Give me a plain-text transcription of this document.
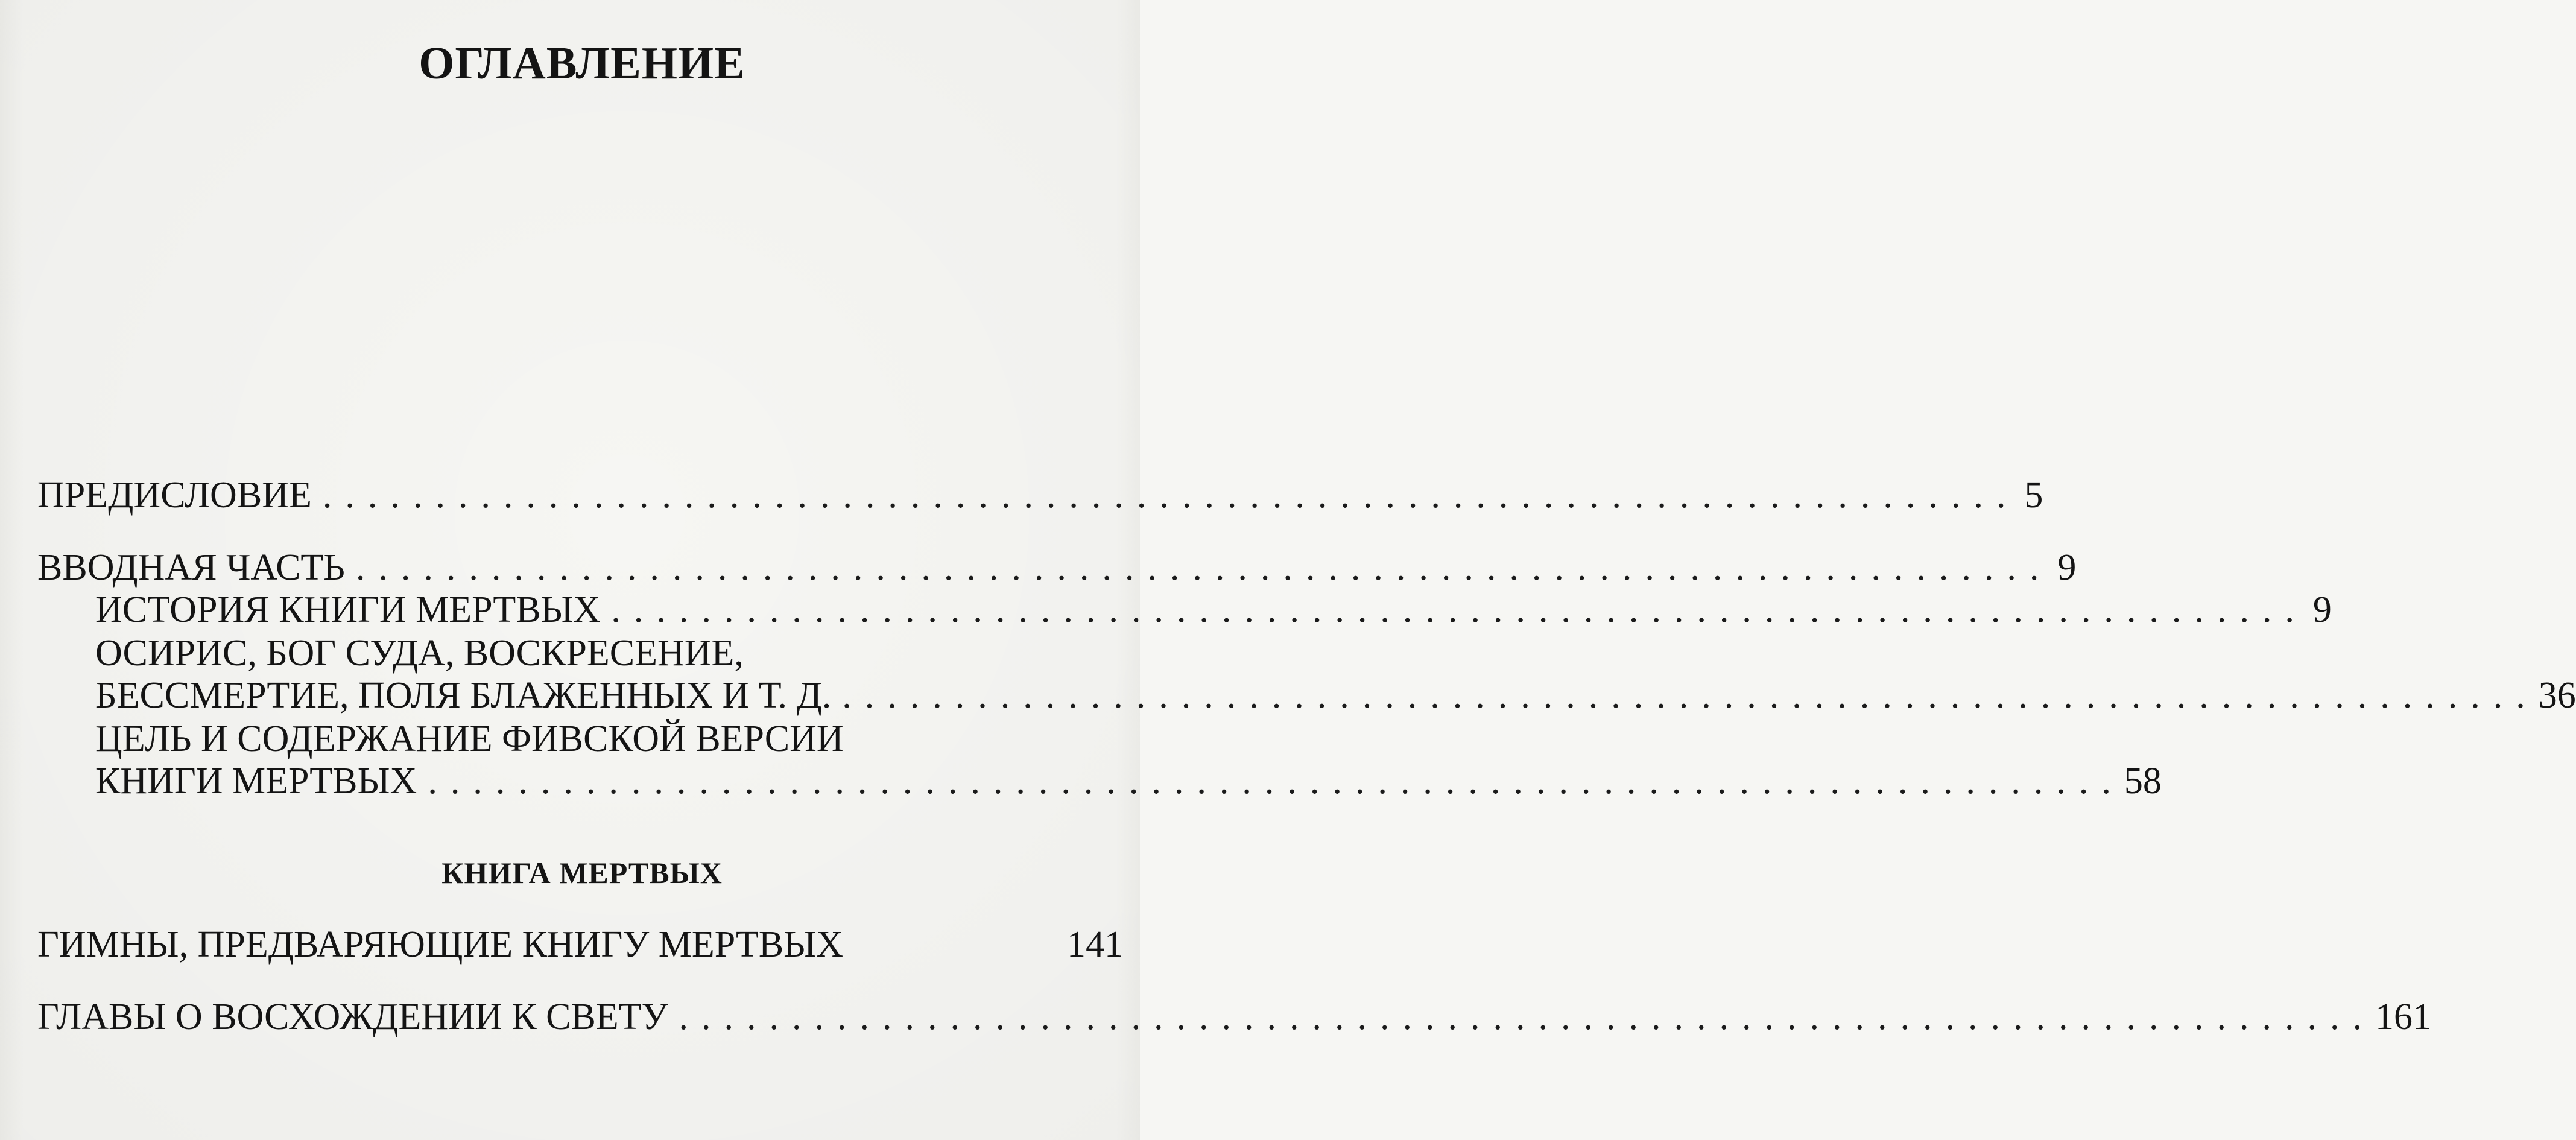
ОГЛАВЛЕНИЕ
ПРЕДИСЛОВИЕ ........................................................................... 5
ВВОДНАЯ ЧАСТЬ ........................................................................... 9
ИСТОРИЯ КНИГИ МЕРТВЫХ ........................................................................... 9
ОСИРИС, БОГ СУДА, ВОСКРЕСЕНИЕ,
БЕССМЕРТИЕ, ПОЛЯ БЛАЖЕННЫХ И Т. Д. ........................................................................... 36
ЦЕЛЬ И СОДЕРЖАНИЕ ФИВСКОЙ ВЕРСИИ
КНИГИ МЕРТВЫХ ........................................................................... 58
КНИГА МЕРТВЫХ
ГИМНЫ, ПРЕДВАРЯЮЩИЕ КНИГУ МЕРТВЫХ	141
ГЛАВЫ О ВОСХОЖДЕНИИ К СВЕТУ ........................................................................... 161
